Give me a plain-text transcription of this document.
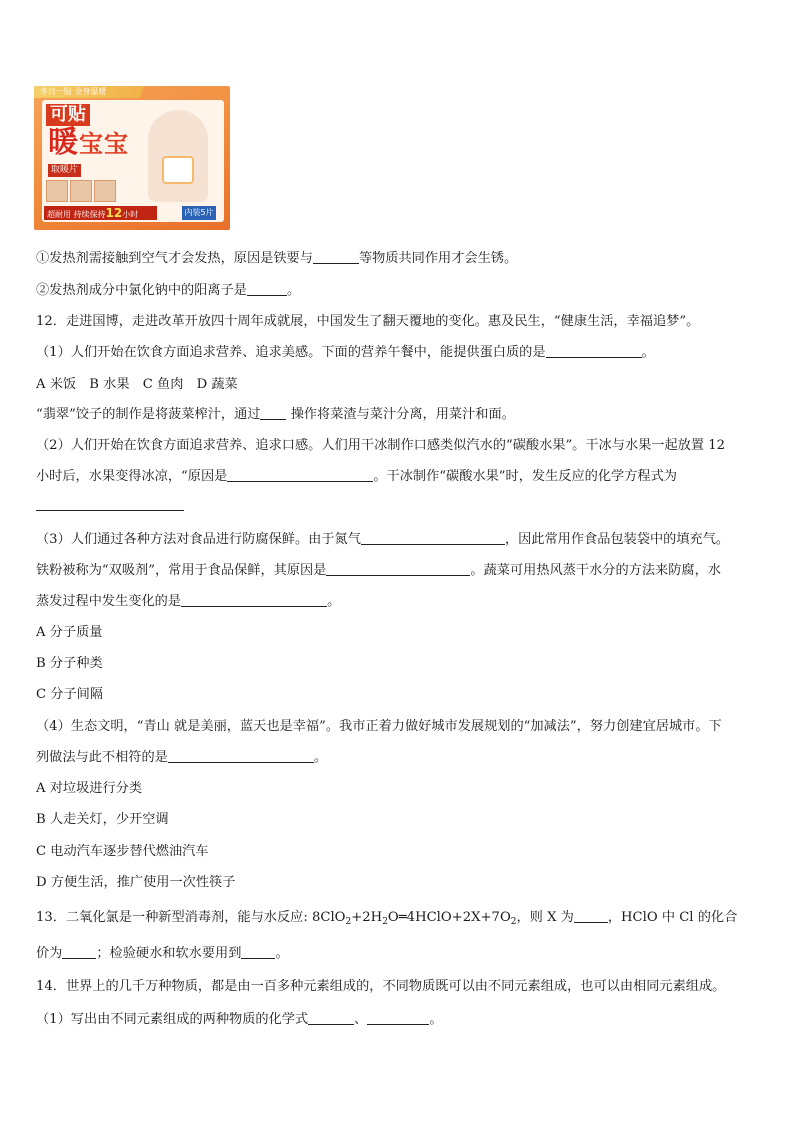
冬日一贴 全身温暖
可贴
暖宝宝
取暖片
超耐用 持续保持12小时	内装5片
①发热剂需接触到空气才会发热，原因是铁要与	等物质共同作用才会生锈。
②发热剂成分中氯化钠中的阳离子是	。
12．走进国博，走进改革开放四十周年成就展，中国发生了翻天覆地的变化。惠及民生，“健康生活，幸福追梦”。
（1）人们开始在饮食方面追求营养、追求美感。下面的营养午餐中，能提供蛋白质的是	。
A 米饭　B 水果　C 鱼肉　D 蔬菜
“翡翠”饺子的制作是将菠菜榨汁，通过 操作将菜渣与菜汁分离，用菜汁和面。
（2）人们开始在饮食方面追求营养、追求口感。人们用干冰制作口感类似汽水的“碳酸水果”。干冰与水果一起放置 12
小时后，水果变得冰凉，“原因是	。干冰制作“碳酸水果”时，发生反应的化学方程式为
（3）人们通过各种方法对食品进行防腐保鲜。由于氮气	，因此常用作食品包装袋中的填充气。
铁粉被称为“双吸剂”，常用于食品保鲜，其原因是	。蔬菜可用热风蒸干水分的方法来防腐，水
蒸发过程中发生变化的是	。
A 分子质量
B 分子种类
C 分子间隔
（4）生态文明，“青山 就是美丽，蓝天也是幸福”。我市正着力做好城市发展规划的“加减法”，努力创建宜居城市。下
列做法与此不相符的是	。
A 对垃圾进行分类
B 人走关灯，少开空调
C 电动汽车逐步替代燃油汽车
D 方便生活，推广使用一次性筷子
13．二氧化氯是一种新型消毒剂，能与水反应: $8ClO_2+2H_2O═4HClO+2X+7O_2$，则 X 为	，HClO 中 Cl 的化合
价为	；检验硬水和软水要用到	。
14．世界上的几千万种物质，都是由一百多种元素组成的，不同物质既可以由不同元素组成，也可以由相同元素组成。
（1）写出由不同元素组成的两种物质的化学式	、	。
